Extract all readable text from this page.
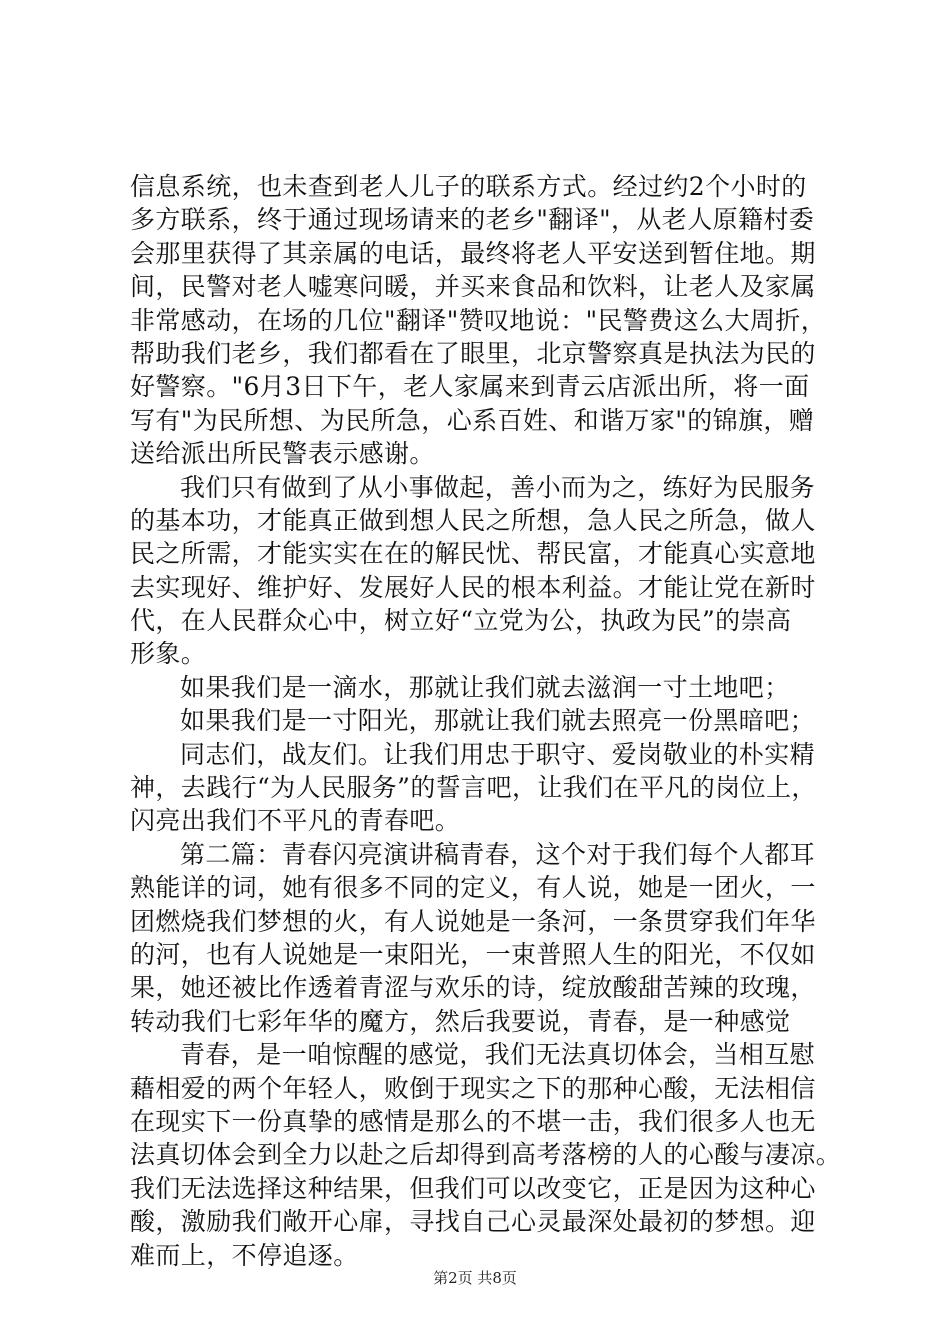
信息系统，也未查到老人儿子的联系方式。经过约2个小时的
多方联系，终于通过现场请来的老乡"翻译"，从老人原籍村委
会那里获得了其亲属的电话，最终将老人平安送到暂住地。期
间，民警对老人嘘寒问暖，并买来食品和饮料，让老人及家属
非常感动，在场的几位"翻译"赞叹地说："民警费这么大周折，
帮助我们老乡，我们都看在了眼里，北京警察真是执法为民的
好警察。"6月3日下午，老人家属来到青云店派出所，将一面
写有"为民所想、为民所急，心系百姓、和谐万家"的锦旗，赠
送给派出所民警表示感谢。
我们只有做到了从小事做起，善小而为之，练好为民服务
的基本功，才能真正做到想人民之所想，急人民之所急，做人
民之所需，才能实实在在的解民忧、帮民富，才能真心实意地
去实现好、维护好、发展好人民的根本利益。才能让党在新时
代，在人民群众心中，树立好“立党为公，执政为民”的崇高
形象。
如果我们是一滴水，那就让我们就去滋润一寸土地吧；
如果我们是一寸阳光，那就让我们就去照亮一份黑暗吧；
同志们，战友们。让我们用忠于职守、爱岗敬业的朴实精
神，去践行“为人民服务”的誓言吧，让我们在平凡的岗位上，
闪亮出我们不平凡的青春吧。
第二篇：青春闪亮演讲稿青春，这个对于我们每个人都耳
熟能详的词，她有很多不同的定义，有人说，她是一团火，一
团燃烧我们梦想的火，有人说她是一条河，一条贯穿我们年华
的河，也有人说她是一束阳光，一束普照人生的阳光，不仅如
果，她还被比作透着青涩与欢乐的诗，绽放酸甜苦辣的玫瑰，
转动我们七彩年华的魔方，然后我要说，青春，是一种感觉
青春，是一咱惊醒的感觉，我们无法真切体会，当相互慰
藉相爱的两个年轻人，败倒于现实之下的那种心酸，无法相信
在现实下一份真挚的感情是那么的不堪一击，我们很多人也无
法真切体会到全力以赴之后却得到高考落榜的人的心酸与凄凉。
我们无法选择这种结果，但我们可以改变它，正是因为这种心
酸，激励我们敞开心扉，寻找自己心灵最深处最初的梦想。迎
难而上，不停追逐。
第2页 共8页
